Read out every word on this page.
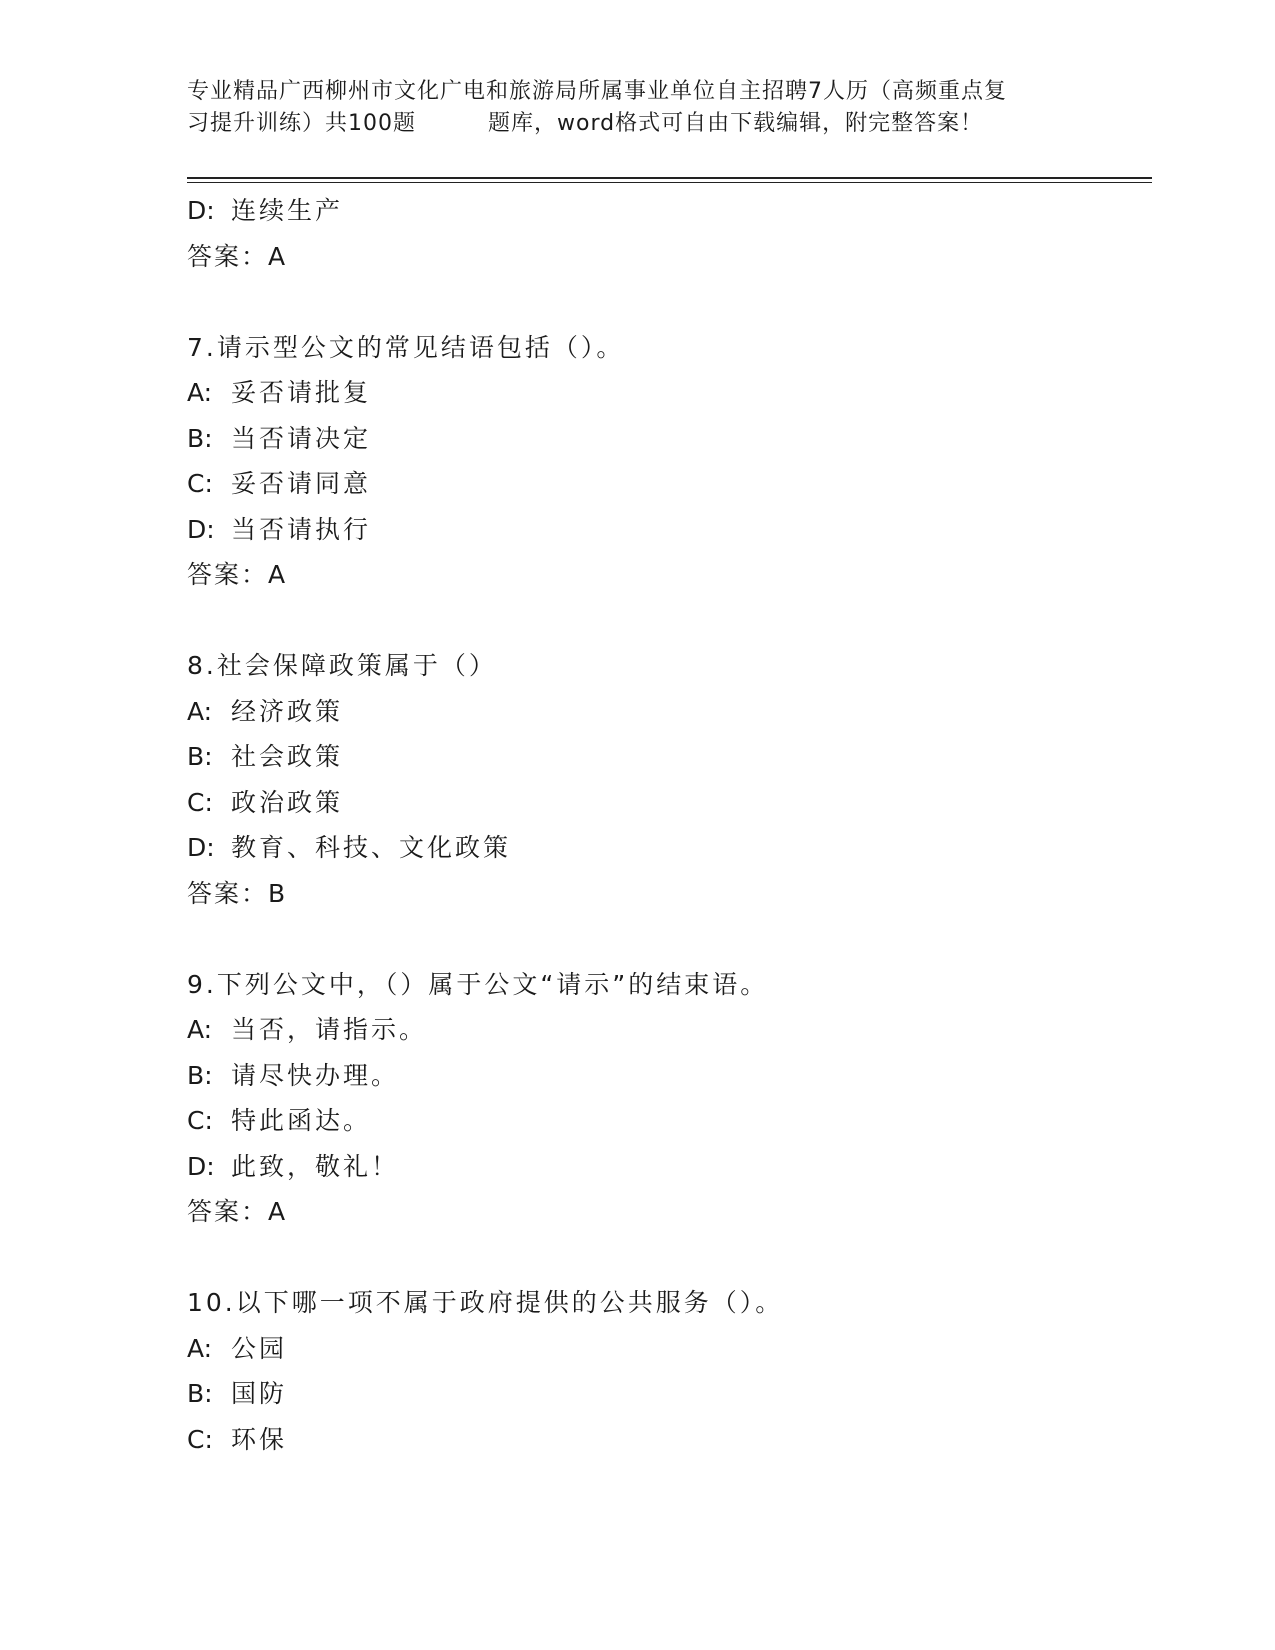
专业精品广西柳州市文化广电和旅游局所属事业单位自主招聘7人历（高频重点复
习提升训练）共100题	题库，word格式可自由下载编辑，附完整答案！
D: 连续生产
答案：A
7.请示型公文的常见结语包括（）。
A: 妥否请批复
B: 当否请决定
C: 妥否请同意
D: 当否请执行
答案：A
8.社会保障政策属于（）
A: 经济政策
B: 社会政策
C: 政治政策
D: 教育、科技、文化政策
答案：B
9.下列公文中，（）属于公文“请示”的结束语。
A: 当否，请指示。
B: 请尽快办理。
C: 特此函达。
D: 此致，敬礼！
答案：A
10.以下哪一项不属于政府提供的公共服务（）。
A: 公园
B: 国防
C: 环保
